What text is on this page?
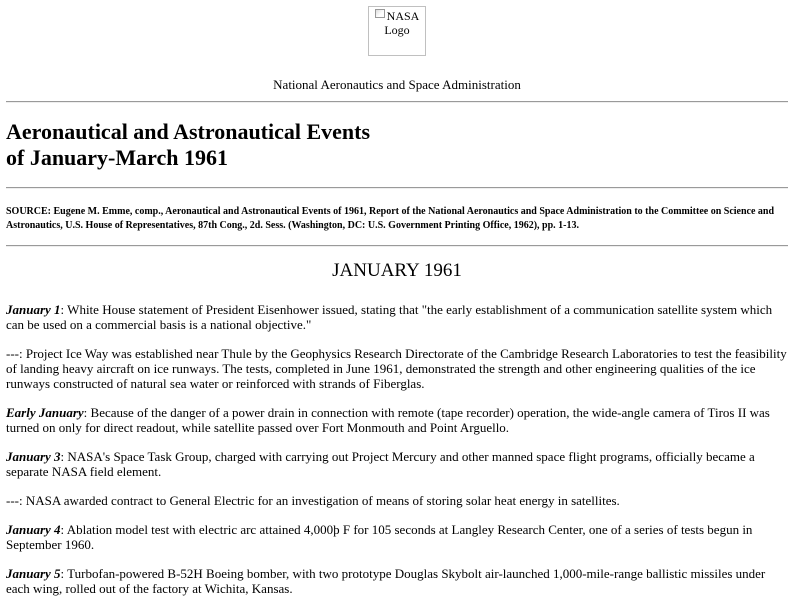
NASA Logo
National Aeronautics and Space Administration
Aeronautical and Astronautical Events
of January-March 1961
SOURCE: Eugene M. Emme, comp., Aeronautical and Astronautical Events of 1961, Report of the National Aeronautics and Space Administration to the Committee on Science and Astronautics, U.S. House of Representatives, 87th Cong., 2d. Sess. (Washington, DC: U.S. Government Printing Office, 1962), pp. 1-13.
JANUARY 1961

January 1: White House statement of President Eisenhower issued, stating that "the early establishment of a communication satellite system which can be used on a commercial basis is a national objective."

---: Project Ice Way was established near Thule by the Geophysics Research Directorate of the Cambridge Research Laboratories to test the feasibility of landing heavy aircraft on ice runways. The tests, completed in June 1961, demonstrated the strength and other engineering qualities of the ice runways constructed of natural sea water or reinforced with strands of Fiberglas.

Early January: Because of the danger of a power drain in connection with remote (tape recorder) operation, the wide-angle camera of Tiros II was turned on only for direct readout, while satellite passed over Fort Monmouth and Point Arguello.

January 3: NASA's Space Task Group, charged with carrying out Project Mercury and other manned space flight programs, officially became a separate NASA field element.

---: NASA awarded contract to General Electric for an investigation of means of storing solar heat energy in satellites.

January 4: Ablation model test with electric arc attained 4,000þ F for 105 seconds at Langley Research Center, one of a series of tests begun in September 1960.

January 5: Turbofan-powered B-52H Boeing bomber, with two prototype Douglas Skybolt air-launched 1,000-mile-range ballistic missiles under each wing, rolled out of the factory at Wichita, Kansas.
